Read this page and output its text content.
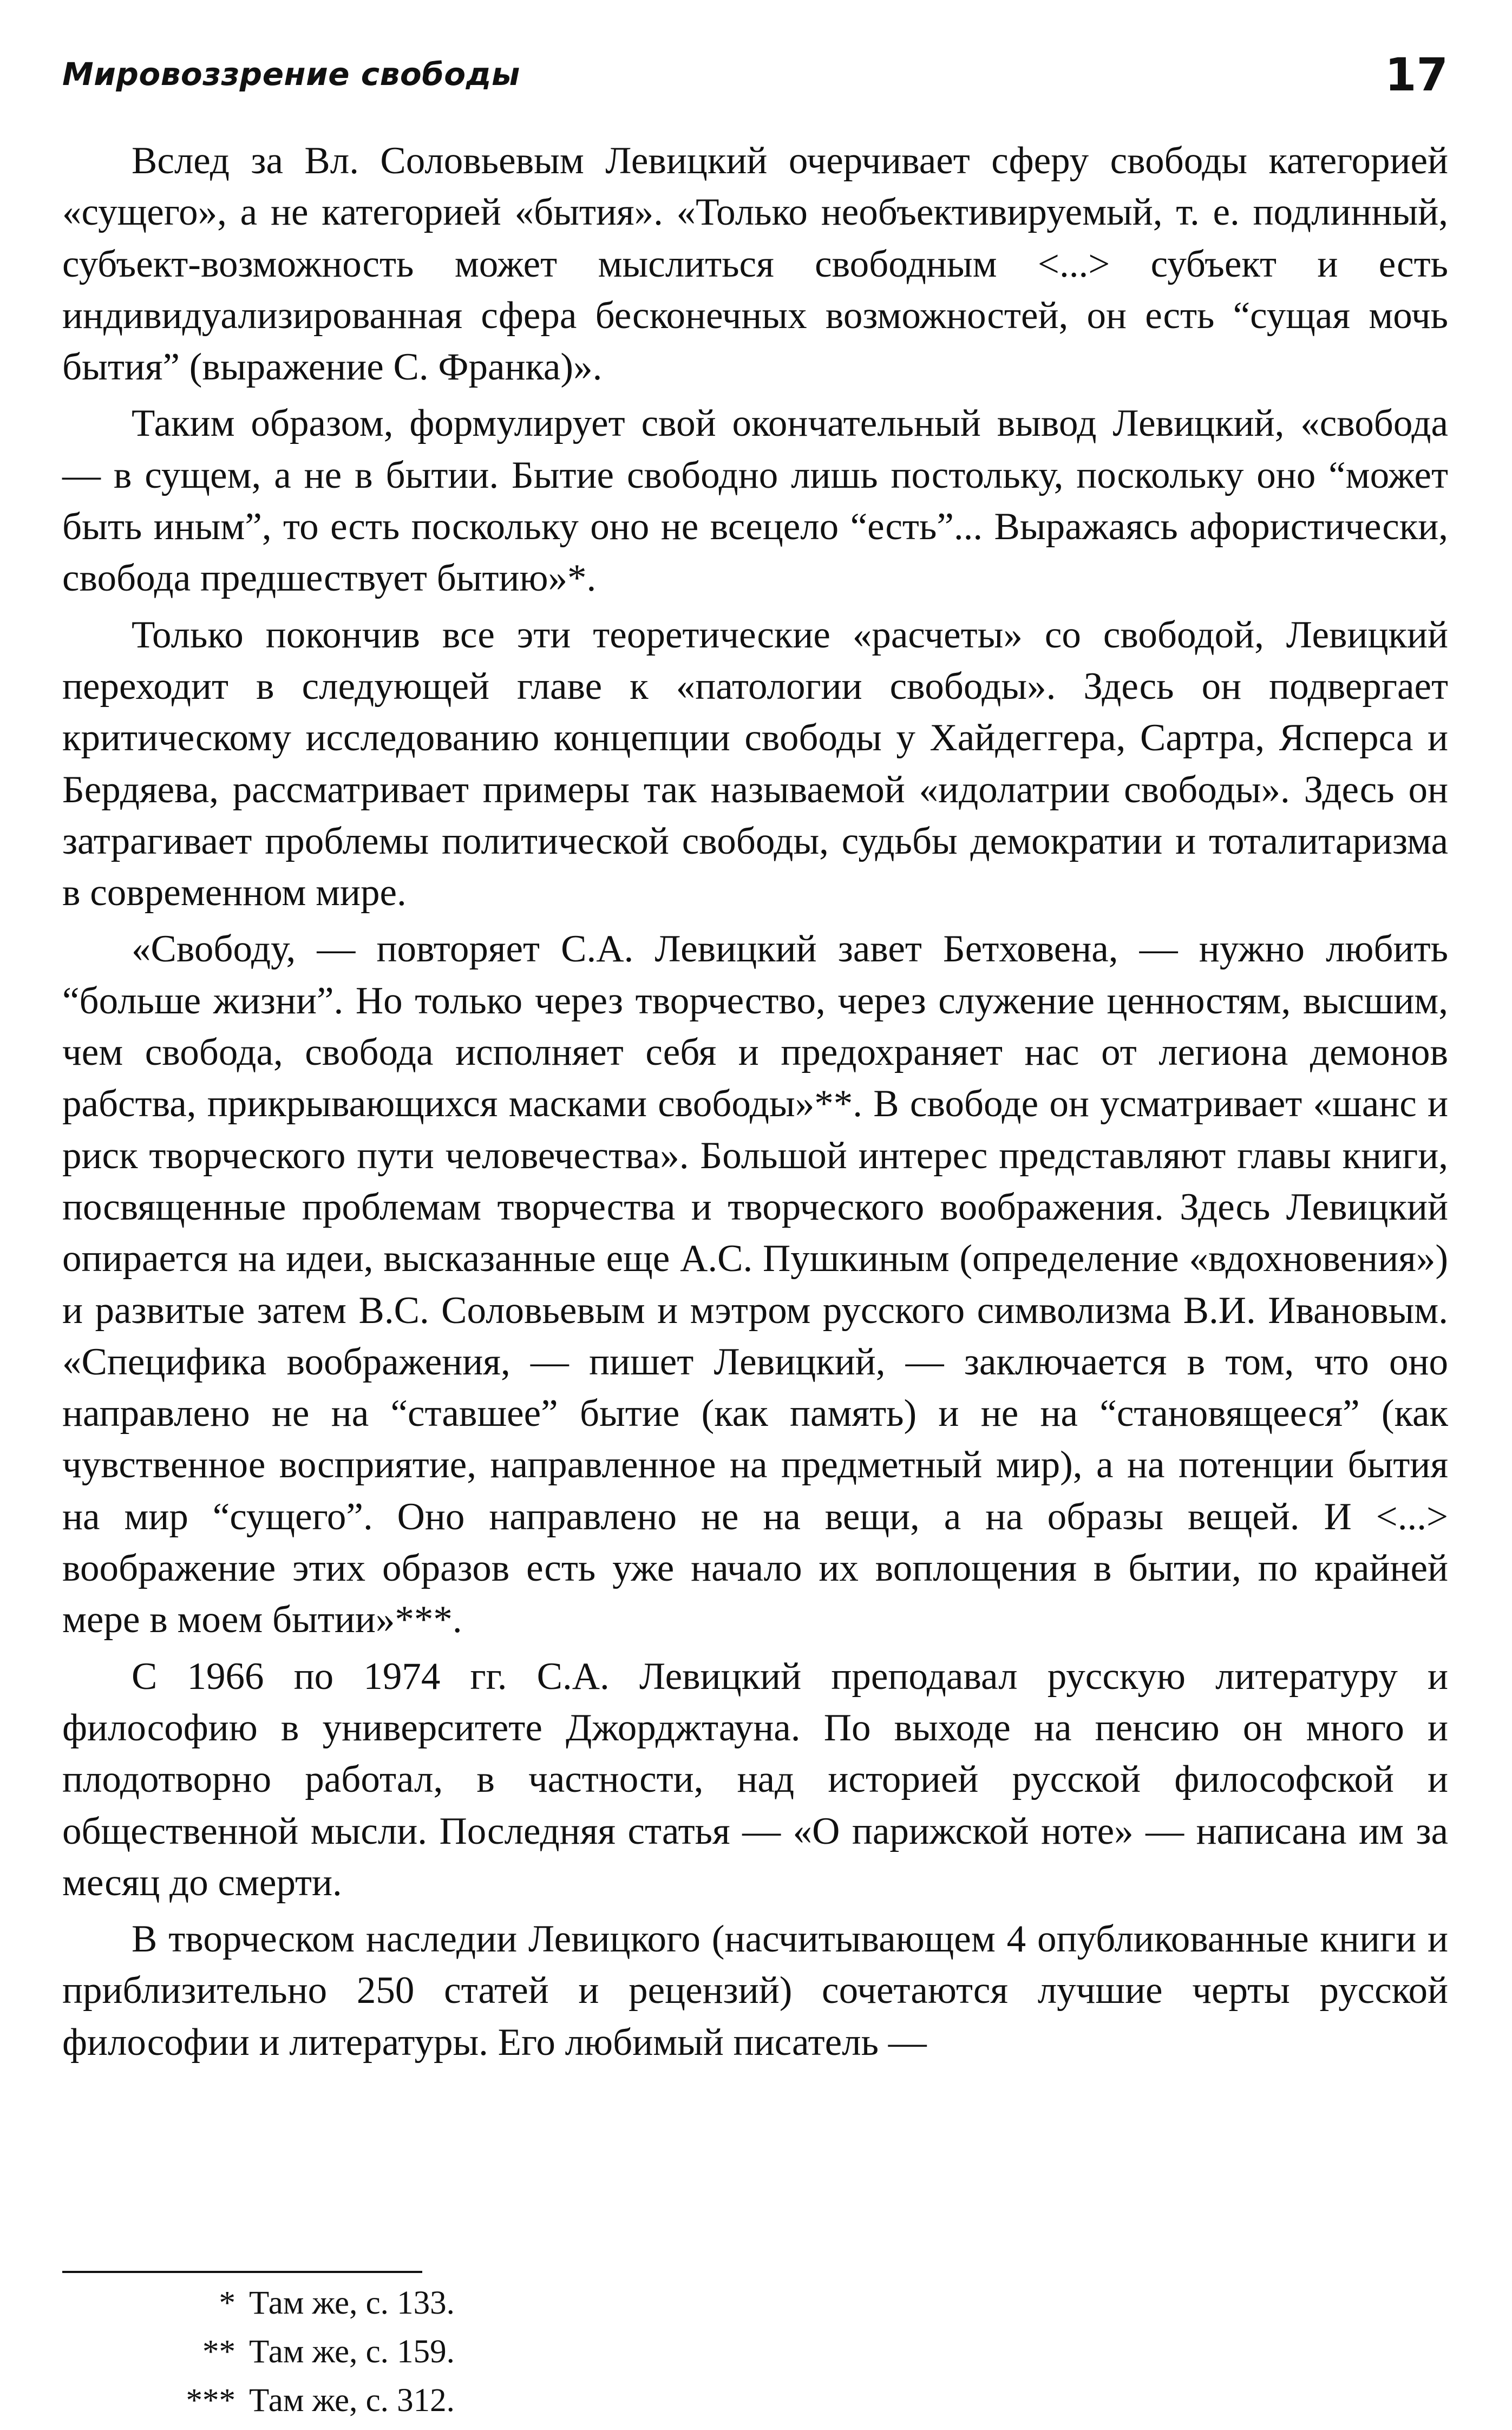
Мировоззрение свободы	17

Вслед за Вл. Соловьевым Левицкий очерчивает сферу свободы категорией «сущего», а не категорией «бытия». «Только необъективируемый, т. е. подлинный, субъект-возможность может мыслиться свободным <...> субъект и есть индивидуализированная сфера бесконечных возможностей, он есть “сущая мочь бытия” (выражение С. Франка)».

Таким образом, формулирует свой окончательный вывод Левицкий, «свобода — в сущем, а не в бытии. Бытие свободно лишь постольку, поскольку оно “может быть иным”, то есть поскольку оно не всецело “есть”... Выражаясь афористически, свобода предшествует бытию»*.

Только покончив все эти теоретические «расчеты» со свободой, Левицкий переходит в следующей главе к «патологии свободы». Здесь он подвергает критическому исследованию концепции свободы у Хайдеггера, Сартра, Ясперса и Бердяева, рассматривает примеры так называемой «идолатрии свободы». Здесь он затрагивает проблемы политической свободы, судьбы демократии и тоталитаризма в современном мире.

«Свободу, — повторяет С.А. Левицкий завет Бетховена, — нужно любить “больше жизни”. Но только через творчество, через служение ценностям, высшим, чем свобода, свобода исполняет себя и предохраняет нас от легиона демонов рабства, прикрывающихся масками свободы»**. В свободе он усматривает «шанс и риск творческого пути человечества». Большой интерес представляют главы книги, посвященные проблемам творчества и творческого воображения. Здесь Левицкий опирается на идеи, высказанные еще А.С. Пушкиным (определение «вдохновения») и развитые затем В.С. Соловьевым и мэтром русского символизма В.И. Ивановым. «Специфика воображения, — пишет Левицкий, — заключается в том, что оно направлено не на “ставшее” бытие (как память) и не на “становящееся” (как чувственное восприятие, направленное на предметный мир), а на потенции бытия на мир “сущего”. Оно направлено не на вещи, а на образы вещей. И <...> воображение этих образов есть уже начало их воплощения в бытии, по крайней мере в моем бытии»***.

С 1966 по 1974 гг. С.А. Левицкий преподавал русскую литературу и философию в университете Джорджтауна. По выходе на пенсию он много и плодотворно работал, в частности, над историей русской философской и общественной мысли. Последняя статья — «О парижской ноте» — написана им за месяц до смерти.

В творческом наследии Левицкого (насчитывающем 4 опубликованные книги и приблизительно 250 статей и рецензий) сочетаются лучшие черты русской философии и литературы. Его любимый писатель —

* Там же, с. 133.
** Там же, с. 159.
*** Там же, с. 312.
